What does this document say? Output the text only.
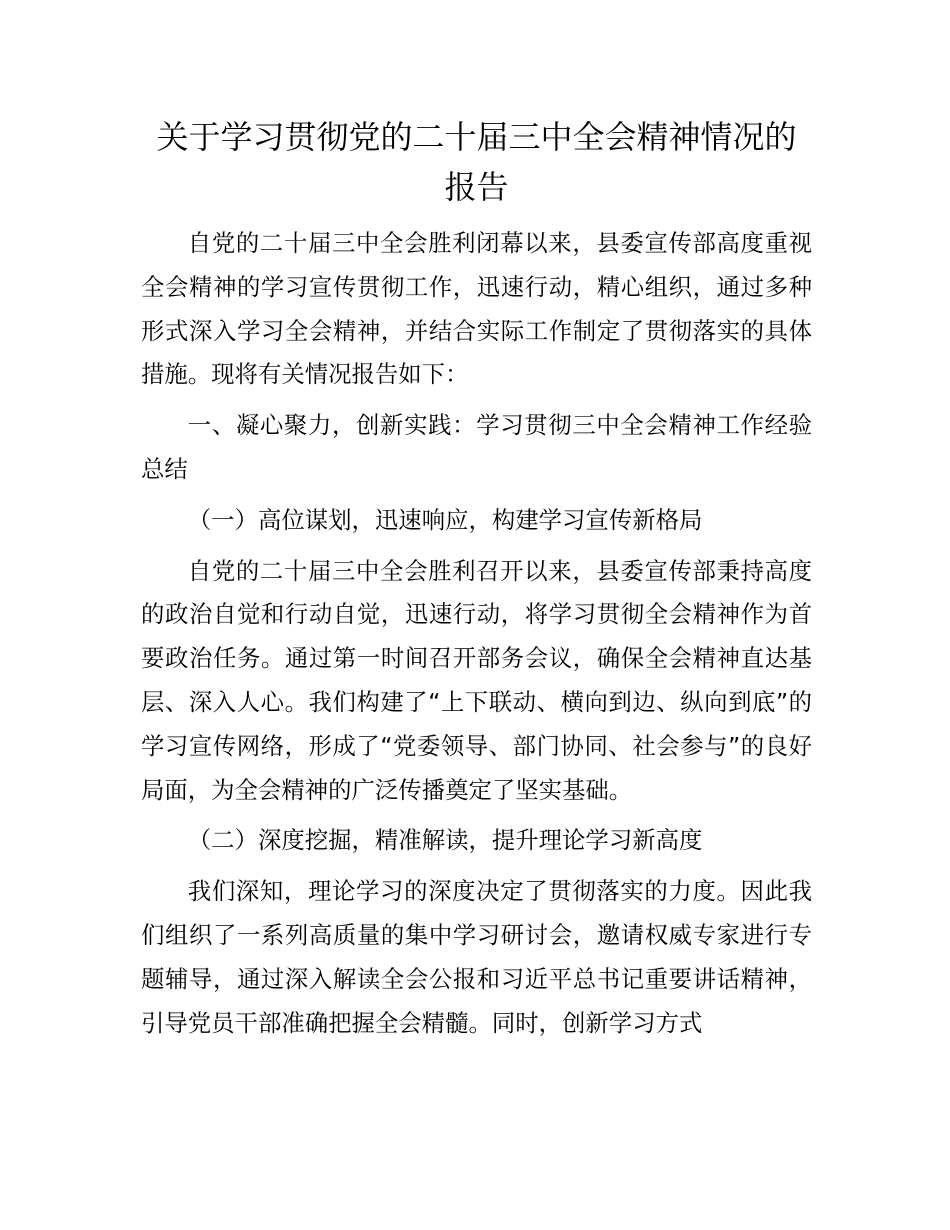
关于学习贯彻党的二十届三中全会精神情况的报告

自党的二十届三中全会胜利闭幕以来，县委宣传部高度重视全会精神的学习宣传贯彻工作，迅速行动，精心组织，通过多种形式深入学习全会精神，并结合实际工作制定了贯彻落实的具体措施。现将有关情况报告如下：

一、凝心聚力，创新实践：学习贯彻三中全会精神工作经验总结

（一）高位谋划，迅速响应，构建学习宣传新格局

自党的二十届三中全会胜利召开以来，县委宣传部秉持高度的政治自觉和行动自觉，迅速行动，将学习贯彻全会精神作为首要政治任务。通过第一时间召开部务会议，确保全会精神直达基层、深入人心。我们构建了“上下联动、横向到边、纵向到底”的学习宣传网络，形成了“党委领导、部门协同、社会参与”的良好局面，为全会精神的广泛传播奠定了坚实基础。

（二）深度挖掘，精准解读，提升理论学习新高度

我们深知，理论学习的深度决定了贯彻落实的力度。因此我们组织了一系列高质量的集中学习研讨会，邀请权威专家进行专题辅导，通过深入解读全会公报和习近平总书记重要讲话精神，引导党员干部准确把握全会精髓。同时，创新学习方式
